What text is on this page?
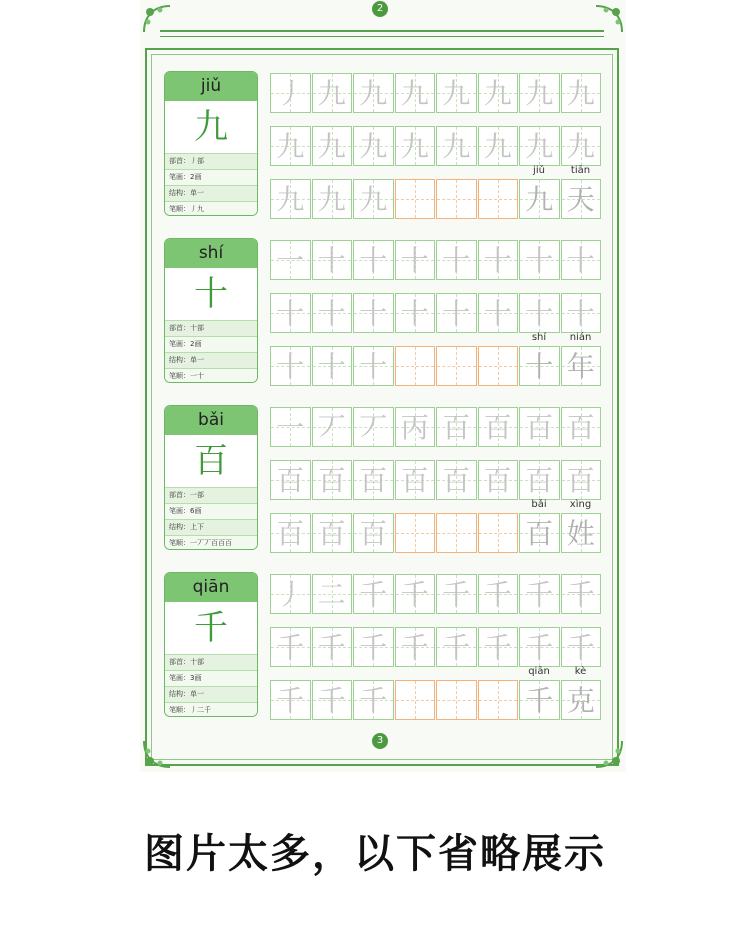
2
3
jiǔ
九
部首：丿部
笔画：2画
结构：单一
笔顺：丿九
丿 九 九 九 九 九 九 九
九 九 九 九 九 九 九 九
九 九 九	九 天
jiǔ	tiān
shí
十
部首：十部
笔画：2画
结构：单一
笔顺：一十
一 十 十 十 十 十 十 十
十 十 十 十 十 十 十 十
十 十 十	十 年
shí	nián
bǎi
百
部首：一部
笔画：6画
结构：上下
笔顺：一丆丆百百百
一 丆 丆 丙 百 百 百 百
百 百 百 百 百 百 百 百
百 百 百	百 姓
bǎi	xìng
qiān
千
部首：十部
笔画：3画
结构：单一
笔顺：丿二千
丿 二 千 千 千 千 千 千
千 千 千 千 千 千 千 千
千 千 千	千 克
qiān	kè
图片太多，以下省略展示
